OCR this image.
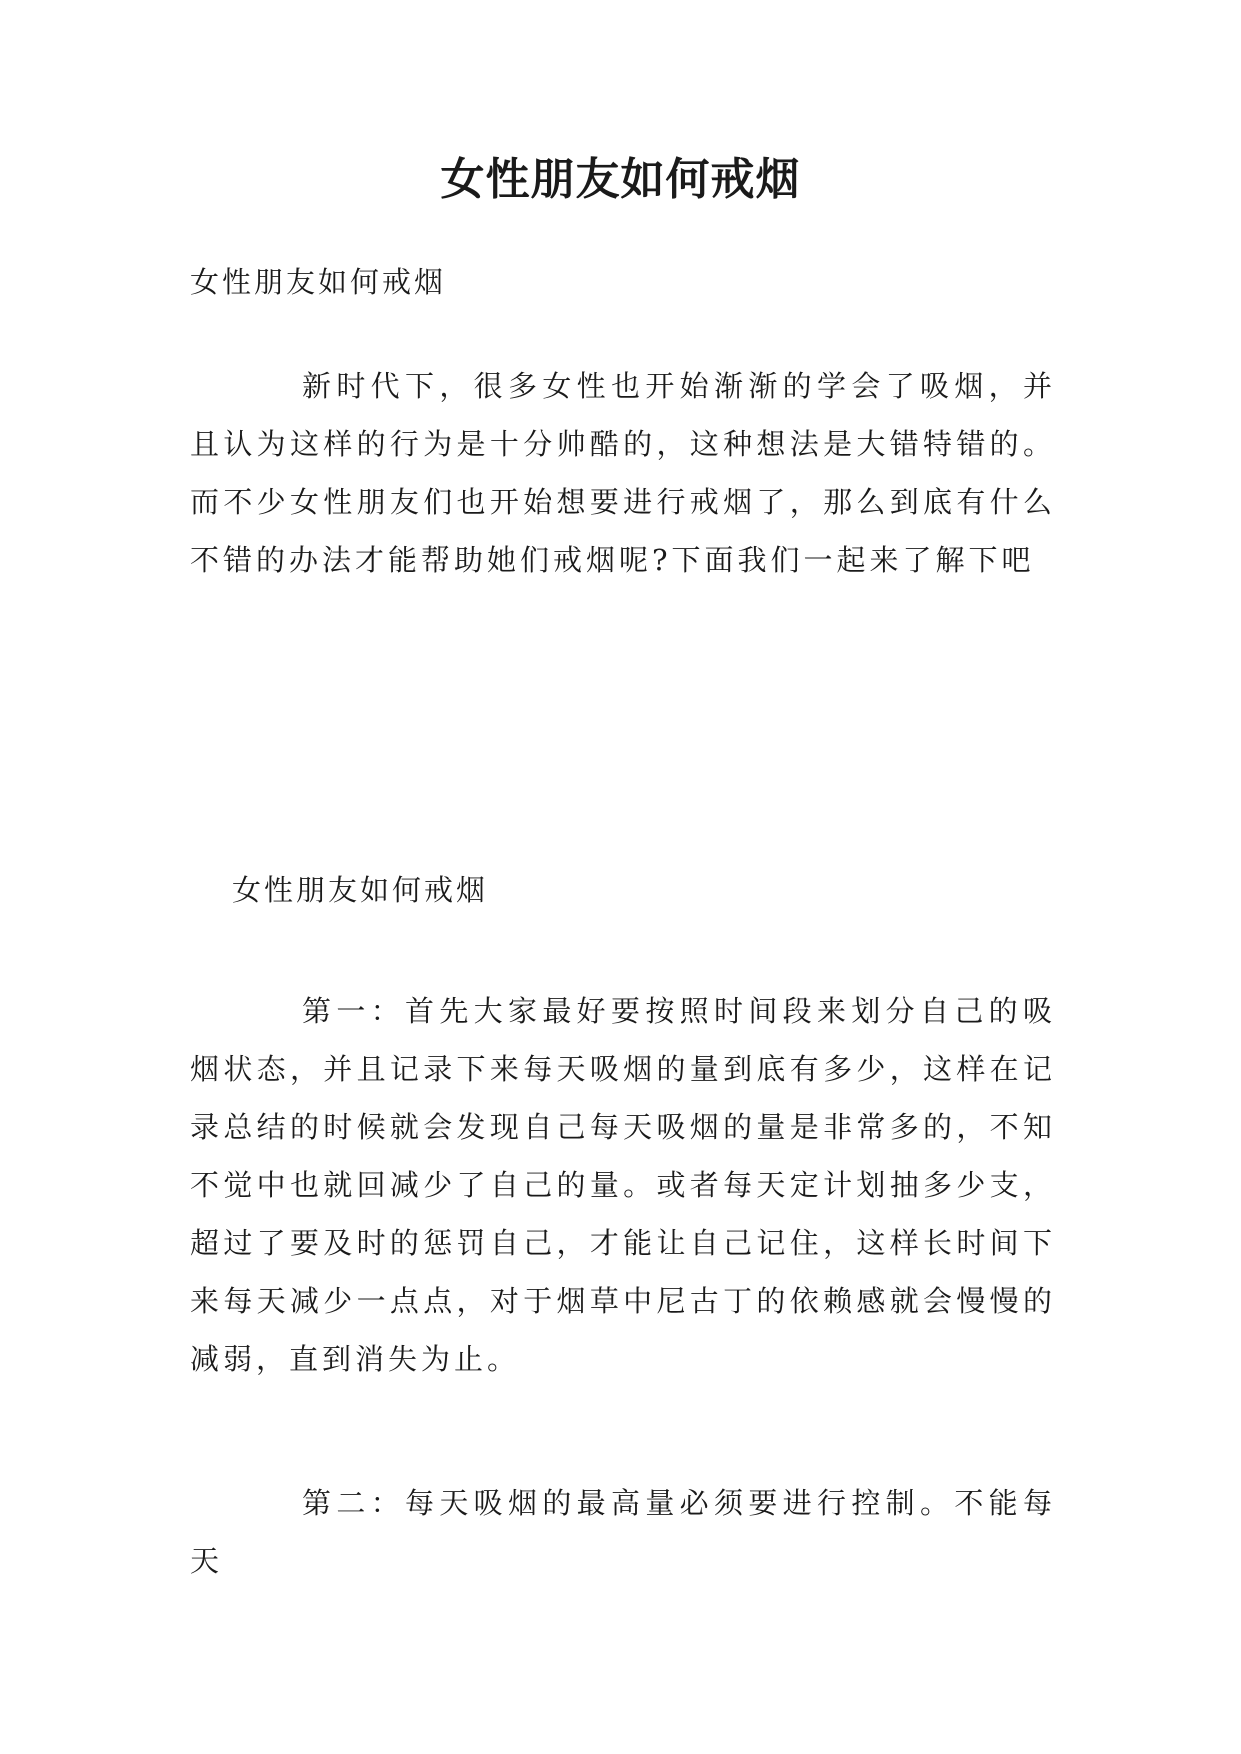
女性朋友如何戒烟
女性朋友如何戒烟
新时代下，很多女性也开始渐渐的学会了吸烟，并且认为这样的行为是十分帅酷的，这种想法是大错特错的。而不少女性朋友们也开始想要进行戒烟了，那么到底有什么不错的办法才能帮助她们戒烟呢?下面我们一起来了解下吧
女性朋友如何戒烟
第一：首先大家最好要按照时间段来划分自己的吸烟状态，并且记录下来每天吸烟的量到底有多少，这样在记录总结的时候就会发现自己每天吸烟的量是非常多的，不知不觉中也就回减少了自己的量。或者每天定计划抽多少支，超过了要及时的惩罚自己，才能让自己记住，这样长时间下来每天减少一点点，对于烟草中尼古丁的依赖感就会慢慢的减弱，直到消失为止。
第二：每天吸烟的最高量必须要进行控制。不能每天
